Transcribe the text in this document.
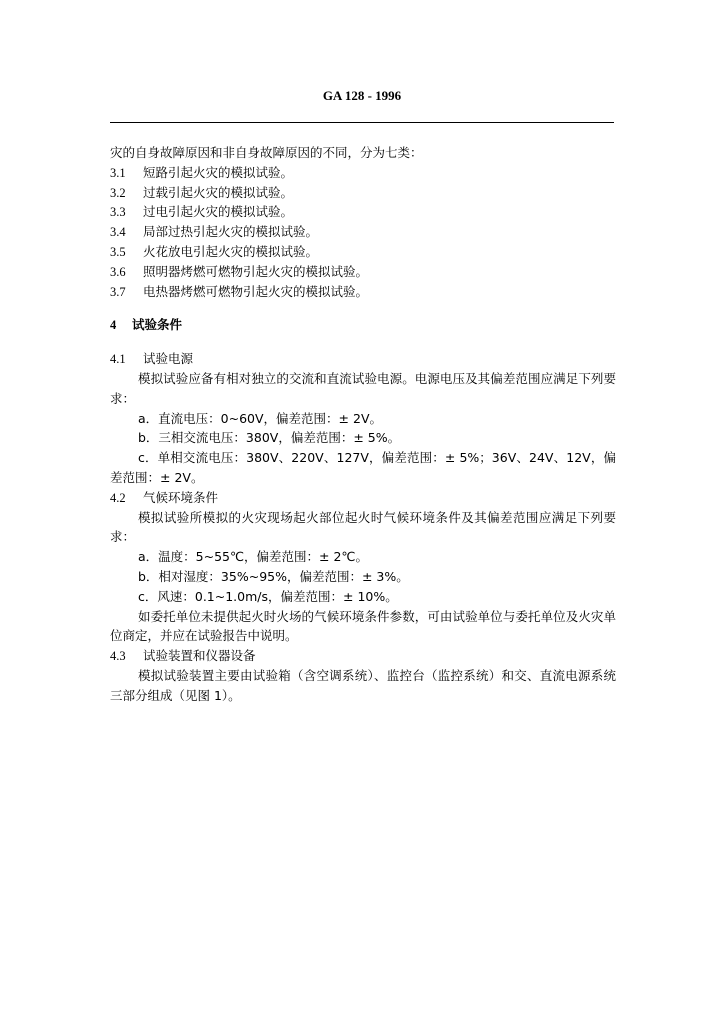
GA 128 - 1996
灾的自身故障原因和非自身故障原因的不同，分为七类：
3.1 短路引起火灾的模拟试验。
3.2 过载引起火灾的模拟试验。
3.3 过电引起火灾的模拟试验。
3.4 局部过热引起火灾的模拟试验。
3.5 火花放电引起火灾的模拟试验。
3.6 照明器烤燃可燃物引起火灾的模拟试验。
3.7 电热器烤燃可燃物引起火灾的模拟试验。
4 试验条件
4.1 试验电源
模拟试验应备有相对独立的交流和直流试验电源。电源电压及其偏差范围应满足下列要求：
a．直流电压：0~60V，偏差范围：± 2V。
b．三相交流电压：380V，偏差范围：± 5%。
c．单相交流电压：380V、220V、127V，偏差范围：± 5%；36V、24V、12V，偏差范围：± 2V。
4.2 气候环境条件
模拟试验所模拟的火灾现场起火部位起火时气候环境条件及其偏差范围应满足下列要求：
a．温度：5~55℃，偏差范围：± 2℃。
b．相对湿度：35%~95%，偏差范围：± 3%。
c．风速：0.1~1.0m/s，偏差范围：± 10%。
如委托单位未提供起火时火场的气候环境条件参数，可由试验单位与委托单位及火灾单位商定，并应在试验报告中说明。
4.3 试验装置和仪器设备
模拟试验装置主要由试验箱（含空调系统）、监控台（监控系统）和交、直流电源系统三部分组成（见图 1）。
